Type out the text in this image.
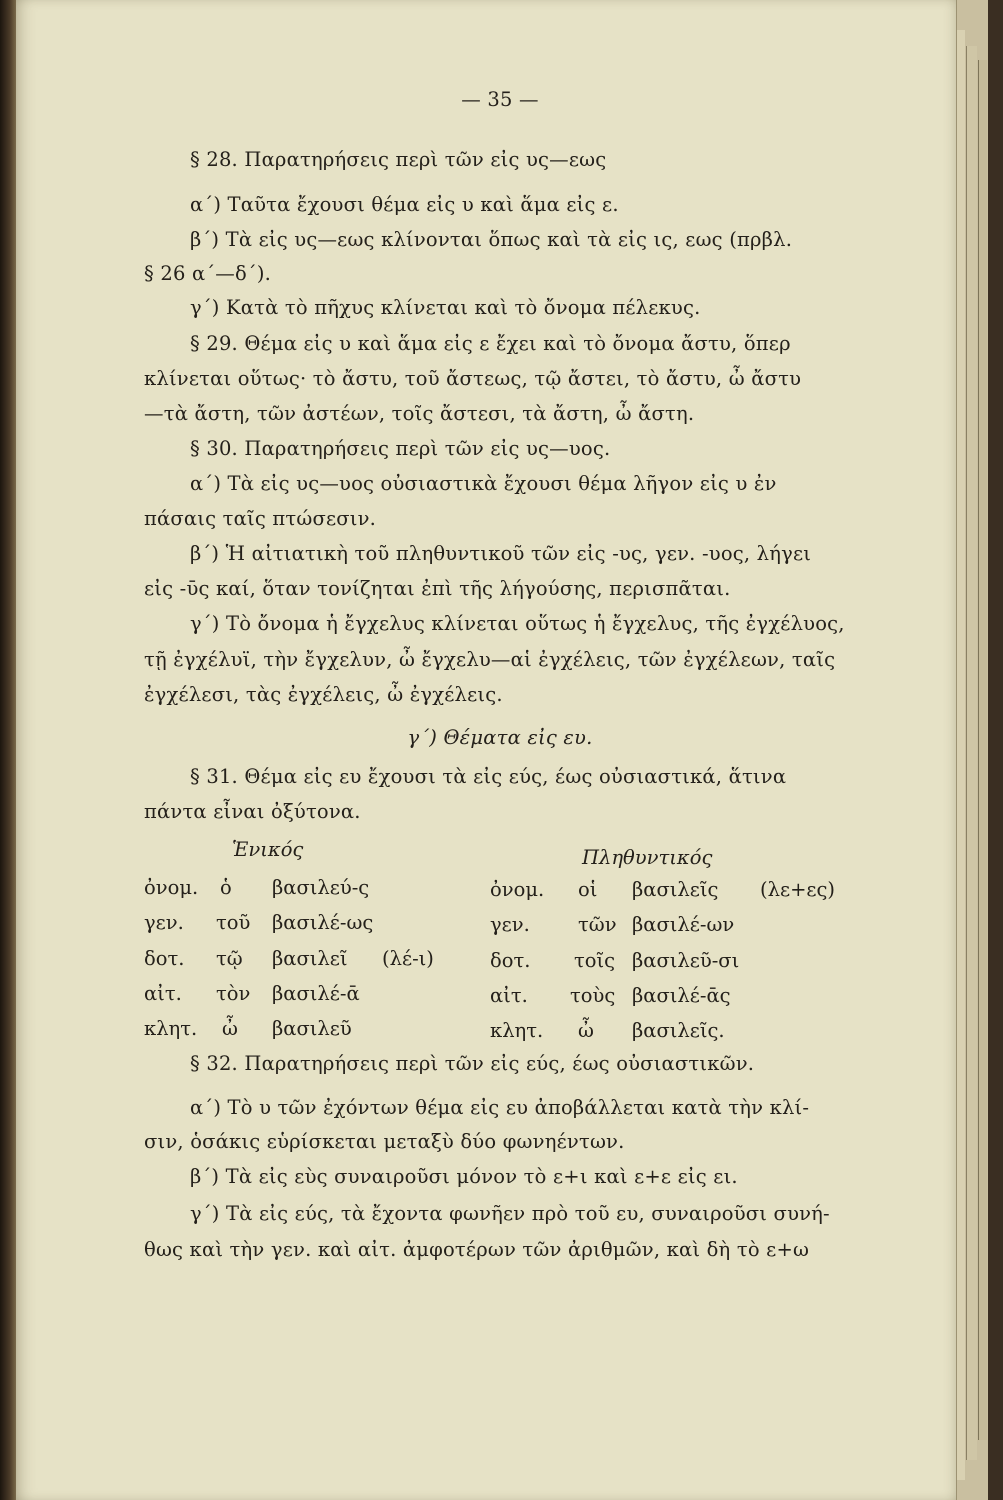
— 35 —
§ 28. Παρατηρήσεις περὶ τῶν εἰς υς—εως
α΄) Ταῦτα ἔχουσι θέμα εἰς υ καὶ ἅμα εἰς ε.
β΄) Τὰ εἰς υς—εως κλίνονται ὅπως καὶ τὰ εἰς ις, εως (πρβλ.
§ 26 α΄—δ΄).
γ΄) Κατὰ τὸ πῆχυς κλίνεται καὶ τὸ ὄνομα πέλεκυς.
§ 29. Θέμα εἰς υ καὶ ἅμα εἰς ε ἔχει καὶ τὸ ὄνομα ἄστυ, ὅπερ
κλίνεται οὕτως· τὸ ἄστυ, τοῦ ἄστεως, τῷ ἄστει, τὸ ἄστυ, ὦ ἄστυ
—τὰ ἄστη, τῶν ἀστέων, τοῖς ἄστεσι, τὰ ἄστη, ὦ ἄστη.
§ 30. Παρατηρήσεις περὶ τῶν εἰς υς—υος.
α΄) Τὰ εἰς υς—υος οὐσιαστικὰ ἔχουσι θέμα λῆγον εἰς υ ἐν
πάσαις ταῖς πτώσεσιν.
β΄) Ἡ αἰτιατικὴ τοῦ πληθυντικοῦ τῶν εἰς -υς, γεν. -υος, λήγει
εἰς -ῡς καί, ὅταν τονίζηται ἐπὶ τῆς λήγούσης, περισπᾶται.
γ΄) Τὸ ὄνομα ἡ ἔγχελυς κλίνεται οὕτως ἡ ἔγχελυς, τῆς ἐγχέλυος,
τῇ ἐγχέλυϊ, τὴν ἔγχελυν, ὦ ἔγχελυ—αἱ ἐγχέλεις, τῶν ἐγχέλεων, ταῖς
ἐγχέλεσι, τὰς ἐγχέλεις, ὦ ἐγχέλεις.
γ΄) Θέματα εἰς ευ.
§ 31. Θέμα εἰς ευ ἔχουσι τὰ εἰς εύς, έως οὐσιαστικά, ἅτινα
πάντα εἶναι ὀξύτονα.
Ἑνικός	Πληθυντικός
ὀνομ. ὁ βασιλεύ-ς	ὀνομ. οἱ βασιλεῖς (λε+ες)
γεν. τοῦ βασιλέ-ως	γεν. τῶν βασιλέ-ων
δοτ. τῷ βασιλεῖ (λέ-ι)	δοτ. τοῖς βασιλεῦ-σι
αἰτ. τὸν βασιλέ-ᾱ	αἰτ. τοὺς βασιλέ-ᾱς
κλητ. ὦ βασιλεῦ	κλητ. ὦ βασιλεῖς.
§ 32. Παρατηρήσεις περὶ τῶν εἰς εύς, έως οὐσιαστικῶν.
α΄) Τὸ υ τῶν ἐχόντων θέμα εἰς ευ ἀποβάλλεται κατὰ τὴν κλί-
σιν, ὁσάκις εὑρίσκεται μεταξὺ δύο φωνηέντων.
β΄) Τὰ εἰς εὺς συναιροῦσι μόνον τὸ ε+ι καὶ ε+ε εἰς ει.
γ΄) Τὰ εἰς εύς, τὰ ἔχοντα φωνῆεν πρὸ τοῦ ευ, συναιροῦσι συνή-
θως καὶ τὴν γεν. καὶ αἰτ. ἀμφοτέρων τῶν ἀριθμῶν, καὶ δὴ τὸ ε+ω
